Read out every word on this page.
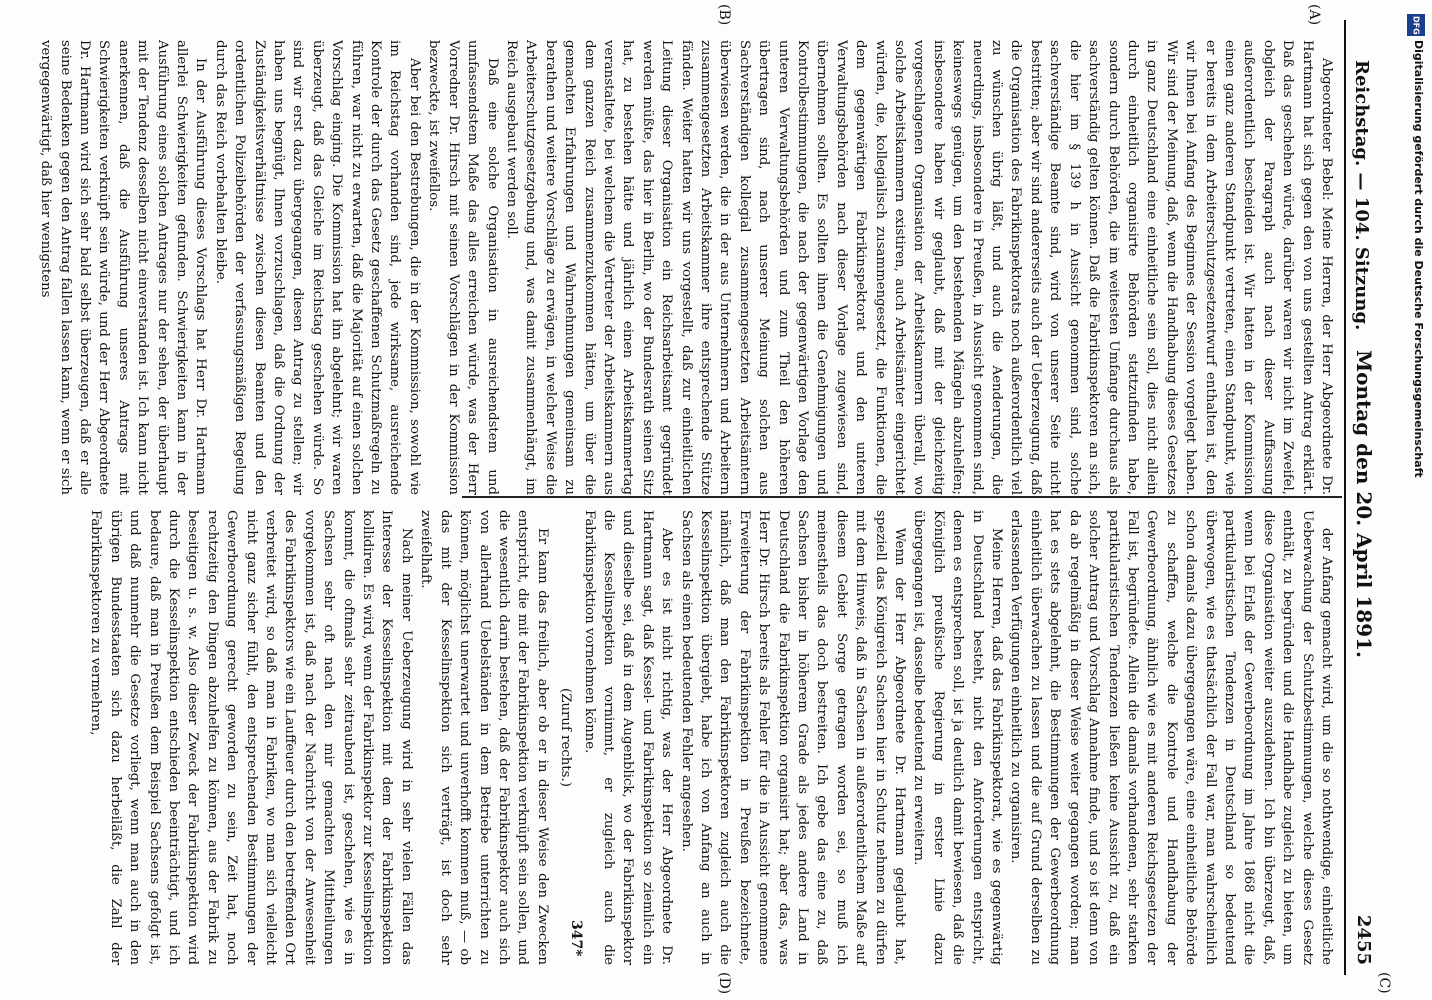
Reichstag. — 104. Sitzung.
Montag den 20. April 1891.
2455
(A)
(B)
(C)
(D)

Abgeordneter Bebel: Meine Herren, der Herr Abgeordnete Dr. Hartmann hat sich gegen den von uns gestellten Antrag erklärt. Daß das geschehen würde, darüber waren wir nicht im Zweifel, obgleich der Paragraph auch nach dieser Auffassung außerordentlich bescheiden ist. Wir hatten in der Kommission einen ganz anderen Standpunkt vertreten, einen Standpunkt, wie er bereits in dem Arbeiterschutzgesetzentwurf enthalten ist, den wir Ihnen bei Anfang des Beginnes der Session vorgelegt haben. Wir sind der Meinung, daß, wenn die Handhabung dieses Gesetzes in ganz Deutschland eine einheitliche sein soll, dies nicht allein durch einheitlich organisirte Behörden stattzufinden habe, sondern durch Behörden, die im weitesten Umfange durchaus als sachverständig gelten können. Daß die Fabrikinspektoren an sich, die hier im § 139 h in Aussicht genommen sind, solche sachverständige Beamte sind, wird von unserer Seite nicht bestritten; aber wir sind andererseits auch der Ueberzeugung, daß die Organisation des Fabrikinspektorats noch außerordentlich viel zu wünschen übrig läßt, und auch die Aenderungen, die neuerdings, insbesondere in Preußen, in Aussicht genommen sind, keineswegs genügen, um den bestehenden Mängeln abzuhelfen; insbesondere haben wir geglaubt, daß mit der gleichzeitig vorgeschlagenen Organisation der Arbeitskammern überall, wo solche Arbeitskammern existiren, auch Arbeitsämter eingerichtet würden, die, kollegialisch zusammengesetzt, die Funktionen, die dem gegenwärtigen Fabrikinspektorat und den unteren Verwaltungsbehörden nach dieser Vorlage zugewiesen sind, übernehmen sollten. Es sollten ihnen die Genehmigungen und Kontrolbestimmungen, die nach der gegenwärtigen Vorlage den unteren Verwaltungsbehörden und zum Theil den höheren übertragen sind, nach unserer Meinung solchen aus Sachverständigen kollegial zusammengesetzten Arbeitsämtern überwiesen werden, die in der aus Unternehmern und Arbeitern zusammengesetzten Arbeitskammer ihre entsprechende Stütze fänden. Weiter hatten wir uns vorgestellt, daß zur einheitlichen Leitung dieser Organisation ein Reichsarbeitsamt gegründet werden müßte, das hier in Berlin, wo der Bundesrath seinen Sitz hat, zu bestehen hätte und jährlich einen Arbeitskammertag veranstaltete, bei welchem die Vertreter der Arbeitskammern aus dem ganzen Reich zusammenzukommen hätten, um über die gemachten Erfahrungen und Wahrnehmungen gemeinsam zu berathen und weitere Vorschläge zu erwägen, in welcher Weise die Arbeiterschutzgesetzgebung und, was damit zusammenhängt, im Reich ausgebaut werden soll.

Daß eine solche Organisation in ausreichendstem und umfassendstem Maße das alles erreichen würde, was der Herr Vorredner Dr. Hirsch mit seinen Vorschlägen in der Kommission bezweckte, ist zweifellos.

Aber bei den Bestrebungen, die in der Kommission, sowohl wie im Reichstag vorhanden sind, jede wirksame, ausreichende Kontrole der durch das Gesetz geschaffenen Schutzmaßregeln zu führen, war nicht zu erwarten, daß die Majorität auf einen solchen Vorschlag einging. Die Kommission hat ihn abgelehnt; wir waren überzeugt, daß das Gleiche im Reichstag geschehen würde. So sind wir erst dazu übergegangen, diesen Antrag zu stellen; wir haben uns begnügt, Ihnen vorzuschlagen, daß die Ordnung der Zuständigkeitsverhältnisse zwischen diesen Beamten und den ordentlichen Polizeibehörden der verfassungsmäßigen Regelung durch das Reich vorbehalten bleibe.

In der Ausführung dieses Vorschlags hat Herr Dr. Hartmann allerlei Schwierigkeiten gefunden. Schwierigkeiten kann in der Ausführung eines solchen Antrages nur der sehen, der überhaupt mit der Tendenz desselben nicht einverstanden ist. Ich kann nicht anerkennen, daß die Ausführung unseres Antrags mit Schwierigkeiten verknüpft sein würde, und der Herr Abgeordnete Dr. Hartmann wird sich sehr bald selbst überzeugen, daß er alle seine Bedenken gegen den Antrag fallen lassen kann, wenn er sich vergegenwärtigt, daß hier wenigstens

der Anfang gemacht wird, um die so nothwendige, einheitliche Ueberwachung der Schutzbestimmungen, welche dieses Gesetz enthält, zu begründen und die Handhabe zugleich zu bieten, um diese Organisation weiter auszudehnen. Ich bin überzeugt, daß, wenn bei Erlaß der Gewerbeordnung im Jahre 1868 nicht die partikularistischen Tendenzen in Deutschland so bedeutend überwogen, wie es thatsächlich der Fall war, man wahrscheinlich schon damals dazu übergegangen wäre, eine einheitliche Behörde zu schaffen, welche die Kontrole und Handhabung der Gewerbeordnung, ähnlich wie es mit anderen Reichsgesetzen der Fall ist, begründete. Allein die damals vorhandenen, sehr starken partikularistischen Tendenzen ließen keine Aussicht zu, daß ein solcher Antrag und Vorschlag Annahme finde, und so ist denn von da ab regelmäßig in dieser Weise weiter gegangen worden; man hat es stets abgelehnt, die Bestimmungen der Gewerbeordnung einheitlich überwachen zu lassen und die auf Grund derselben zu erlassenden Verfügungen einheitlich zu organisiren.

Meine Herren, daß das Fabrikinspektorat, wie es gegenwärtig in Deutschland besteht, nicht den Anforderungen entspricht, denen es entsprechen soll, ist ja deutlich damit bewiesen, daß die Königlich preußische Regierung in erster Linie dazu übergegangen ist, dasselbe bedeutend zu erweitern.

Wenn der Herr Abgeordnete Dr. Hartmann geglaubt hat, speziell das Königreich Sachsen hier in Schutz nehmen zu dürfen mit dem Hinweis, daß in Sachsen in außerordentlichem Maße auf diesem Gebiet Sorge getragen worden sei, so muß ich meinestheils das doch bestreiten. Ich gebe das eine zu, daß Sachsen bisher in höherem Grade als jedes andere Land in Deutschland die Fabrikinspektion organisirt hat; aber das, was Herr Dr. Hirsch bereits als Fehler für die in Aussicht genommene Erweiterung der Fabrikinspektion in Preußen bezeichnete, nämlich, daß man den Fabrikinspektoren zugleich auch die Kesselinspektion übergiebt, habe ich von Anfang an auch in Sachsen als einen bedeutenden Fehler angesehen.

Aber es ist nicht richtig, was der Herr Abgeordnete Dr. Hartmann sagt, daß Kessel- und Fabrikinspektion so ziemlich ein und dieselbe sei, daß in dem Augenblick, wo der Fabrikinspektor die Kesselinspektion vornimmt, er zugleich auch die Fabrikinspektion vornehmen könne.

(Zuruf rechts.)

Er kann das freilich, aber ob er in dieser Weise den Zwecken entspricht, die mit der Fabrikinspektion verknüpft sein sollen, und die wesentlich darin bestehen, daß der Fabrikinspektor auch sich von allerhand Uebelständen in dem Betriebe unterrichten zu können, möglichst unerwartet und unverhofft kommen muß, — ob das mit der Kesselinspektion sich verträgt, ist doch sehr zweifelhaft.

Nach meiner Ueberzeugung wird in sehr vielen Fällen das Interesse der Kesselinspektion mit dem der Fabrikinspektion kollidiren. Es wird, wenn der Fabrikinspektor zur Kesselinspektion kommt, die oftmals sehr zeitraubend ist, geschehen, wie es in Sachsen sehr oft nach den mir gemachten Mittheilungen vorgekommen ist, daß nach der Nachricht von der Anwesenheit des Fabrikinspektors wie ein Lauffeuer durch den betreffenden Ort verbreitet wird, so daß man in Fabriken, wo man sich vielleicht nicht ganz sicher fühlt, den entsprechenden Bestimmungen der Gewerbeordnung gerecht geworden zu sein, Zeit hat, noch rechtzeitig den Dingen abzuhelfen zu können, aus der Fabrik zu beseitigen u. s. w. Also dieser Zweck der Fabrikinspektion wird durch die Kesselinspektion entschieden beeinträchtigt, und ich bedaure, daß man in Preußen dem Beispiel Sachsens gefolgt ist, und daß nunmehr die Gesetze vorliegt, wenn man auch in den übrigen Bundesstaaten sich dazu herbeiläßt, die Zahl der Fabrikinspektoren zu vermehren,

347*
DFG
Digitalisierung gefördert durch die Deutsche Forschungsgemeinschaft
